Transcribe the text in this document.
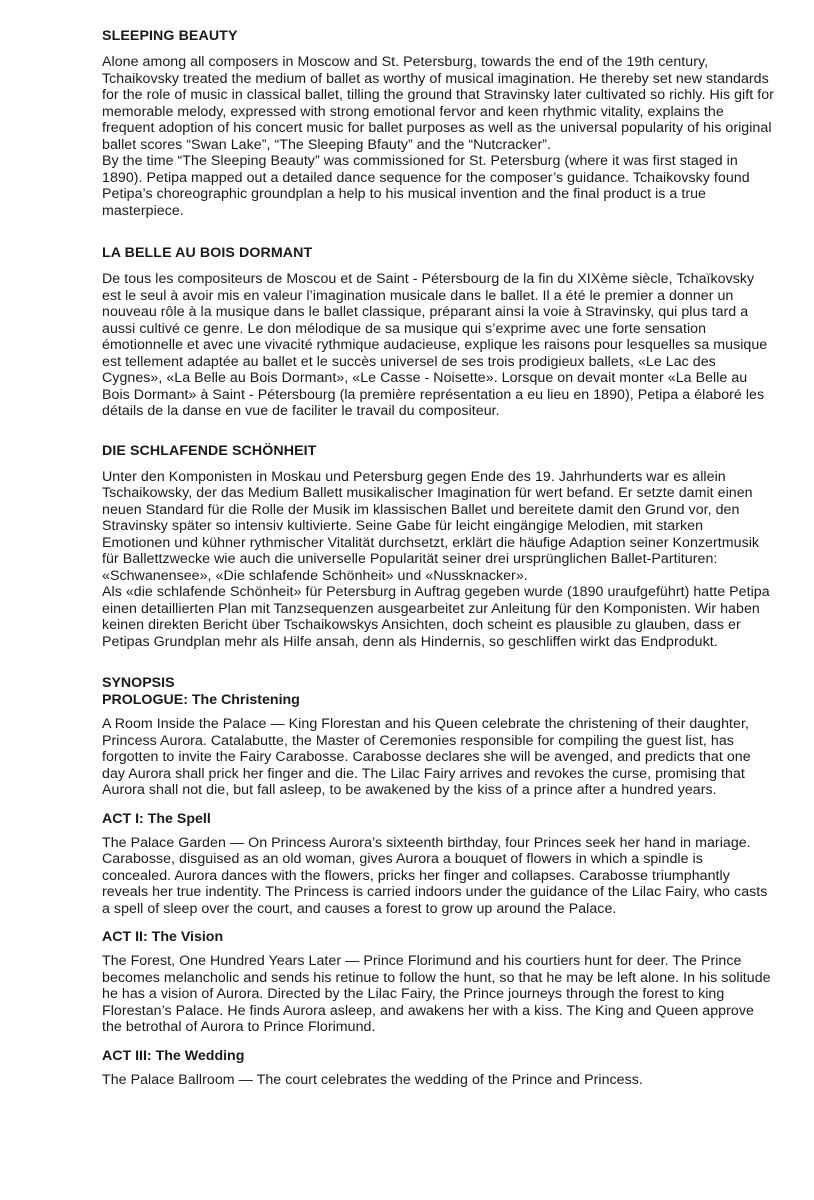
SLEEPING BEAUTY

Alone among all composers in Moscow and St. Petersburg, towards the end of the 19th century, Tchaikovsky treated the medium of ballet as worthy of musical imagination. He thereby set new standards for the role of music in classical ballet, tilling the ground that Stravinsky later cultivated so richly. His gift for memorable melody, expressed with strong emotional fervor and keen rhythmic vitality, explains the frequent adoption of his concert music for ballet purposes as well as the universal popularity of his original ballet scores “Swan Lake”, “The Sleeping Bfauty” and the “Nutcracker”.

By the time “The Sleeping Beauty” was commissioned for St. Petersburg (where it was first staged in 1890). Petipa mapped out a detailed dance sequence for the composer’s guidance. Tchaikovsky found Petipa’s choreographic groundplan a help to his musical invention and the final product is a true masterpiece.

LA BELLE AU BOIS DORMANT

De tous les compositeurs de Moscou et de Saint - Pétersbourg de la fin du XIXème siècle, Tchaïkovsky est le seul à avoir mis en valeur l’imagination musicale dans le ballet. Il a été le premier a donner un nouveau rôle à la musique dans le ballet classique, préparant ainsi la voie à Stravinsky, qui plus tard a aussi cultivé ce genre. Le don mélodique de sa musique qui s’exprime avec une forte sensation émotionnelle et avec une vivacité rythmique audacieuse, explique les raisons pour lesquelles sa musique est tellement adaptée au ballet et le succès universel de ses trois prodigieux ballets, «Le Lac des Cygnes», «La Belle au Bois Dormant», «Le Casse - Noisette». Lorsque on devait monter «La Belle au Bois Dormant» à Saint - Pétersbourg (la première représentation a eu lieu en 1890), Petipa a élaboré les détails de la danse en vue de faciliter le travail du compositeur.

DIE SCHLAFENDE SCHÖNHEIT

Unter den Komponisten in Moskau und Petersburg gegen Ende des 19. Jahrhunderts war es allein Tschaikowsky, der das Medium Ballett musikalischer Imagination für wert befand. Er setzte damit einen neuen Standard für die Rolle der Musik im klassischen Ballet und bereitete damit den Grund vor, den Stravinsky später so intensiv kultivierte. Seine Gabe für leicht eingängige Melodien, mit starken Emotionen und kühner rythmischer Vitalität durchsetzt, erklärt die häufige Adaption seiner Konzertmusik für Ballettzwecke wie auch die universelle Popularität seiner drei ursprünglichen Ballet-Partituren: «Schwanensee», «Die schlafende Schönheit» und «Nussknacker».

Als «die schlafende Schönheit» für Petersburg in Auftrag gegeben wurde (1890 uraufgeführt) hatte Petipa einen detaillierten Plan mit Tanzsequenzen ausgearbeitet zur Anleitung für den Komponisten. Wir haben keinen direkten Bericht über Tschaikowskys Ansichten, doch scheint es plausible zu glauben, dass er Petipas Grundplan mehr als Hilfe ansah, denn als Hindernis, so geschliffen wirkt das Endprodukt.

SYNOPSIS
PROLOGUE: The Christening

A Room Inside the Palace — King Florestan and his Queen celebrate the christening of their daughter, Princess Aurora. Catalabutte, the Master of Ceremonies responsible for compiling the guest list, has forgotten to invite the Fairy Carabosse. Carabosse declares she will be avenged, and predicts that one day Aurora shall prick her finger and die. The Lilac Fairy arrives and revokes the curse, promising that Aurora shall not die, but fall asleep, to be awakened by the kiss of a prince after a hundred years.

ACT I: The Spell

The Palace Garden — On Princess Aurora’s sixteenth birthday, four Princes seek her hand in mariage. Carabosse, disguised as an old woman, gives Aurora a bouquet of flowers in which a spindle is concealed. Aurora dances with the flowers, pricks her finger and collapses. Carabosse triumphantly reveals her true indentity. The Princess is carried indoors under the guidance of the Lilac Fairy, who casts a spell of sleep over the court, and causes a forest to grow up around the Palace.

ACT II: The Vision

The Forest, One Hundred Years Later — Prince Florimund and his courtiers hunt for deer. The Prince becomes melancholic and sends his retinue to follow the hunt, so that he may be left alone. In his solitude he has a vision of Aurora. Directed by the Lilac Fairy, the Prince journeys through the forest to king Florestan’s Palace. He finds Aurora asleep, and awakens her with a kiss. The King and Queen approve the betrothal of Aurora to Prince Florimund.

ACT III: The Wedding

The Palace Ballroom — The court celebrates the wedding of the Prince and Princess.
